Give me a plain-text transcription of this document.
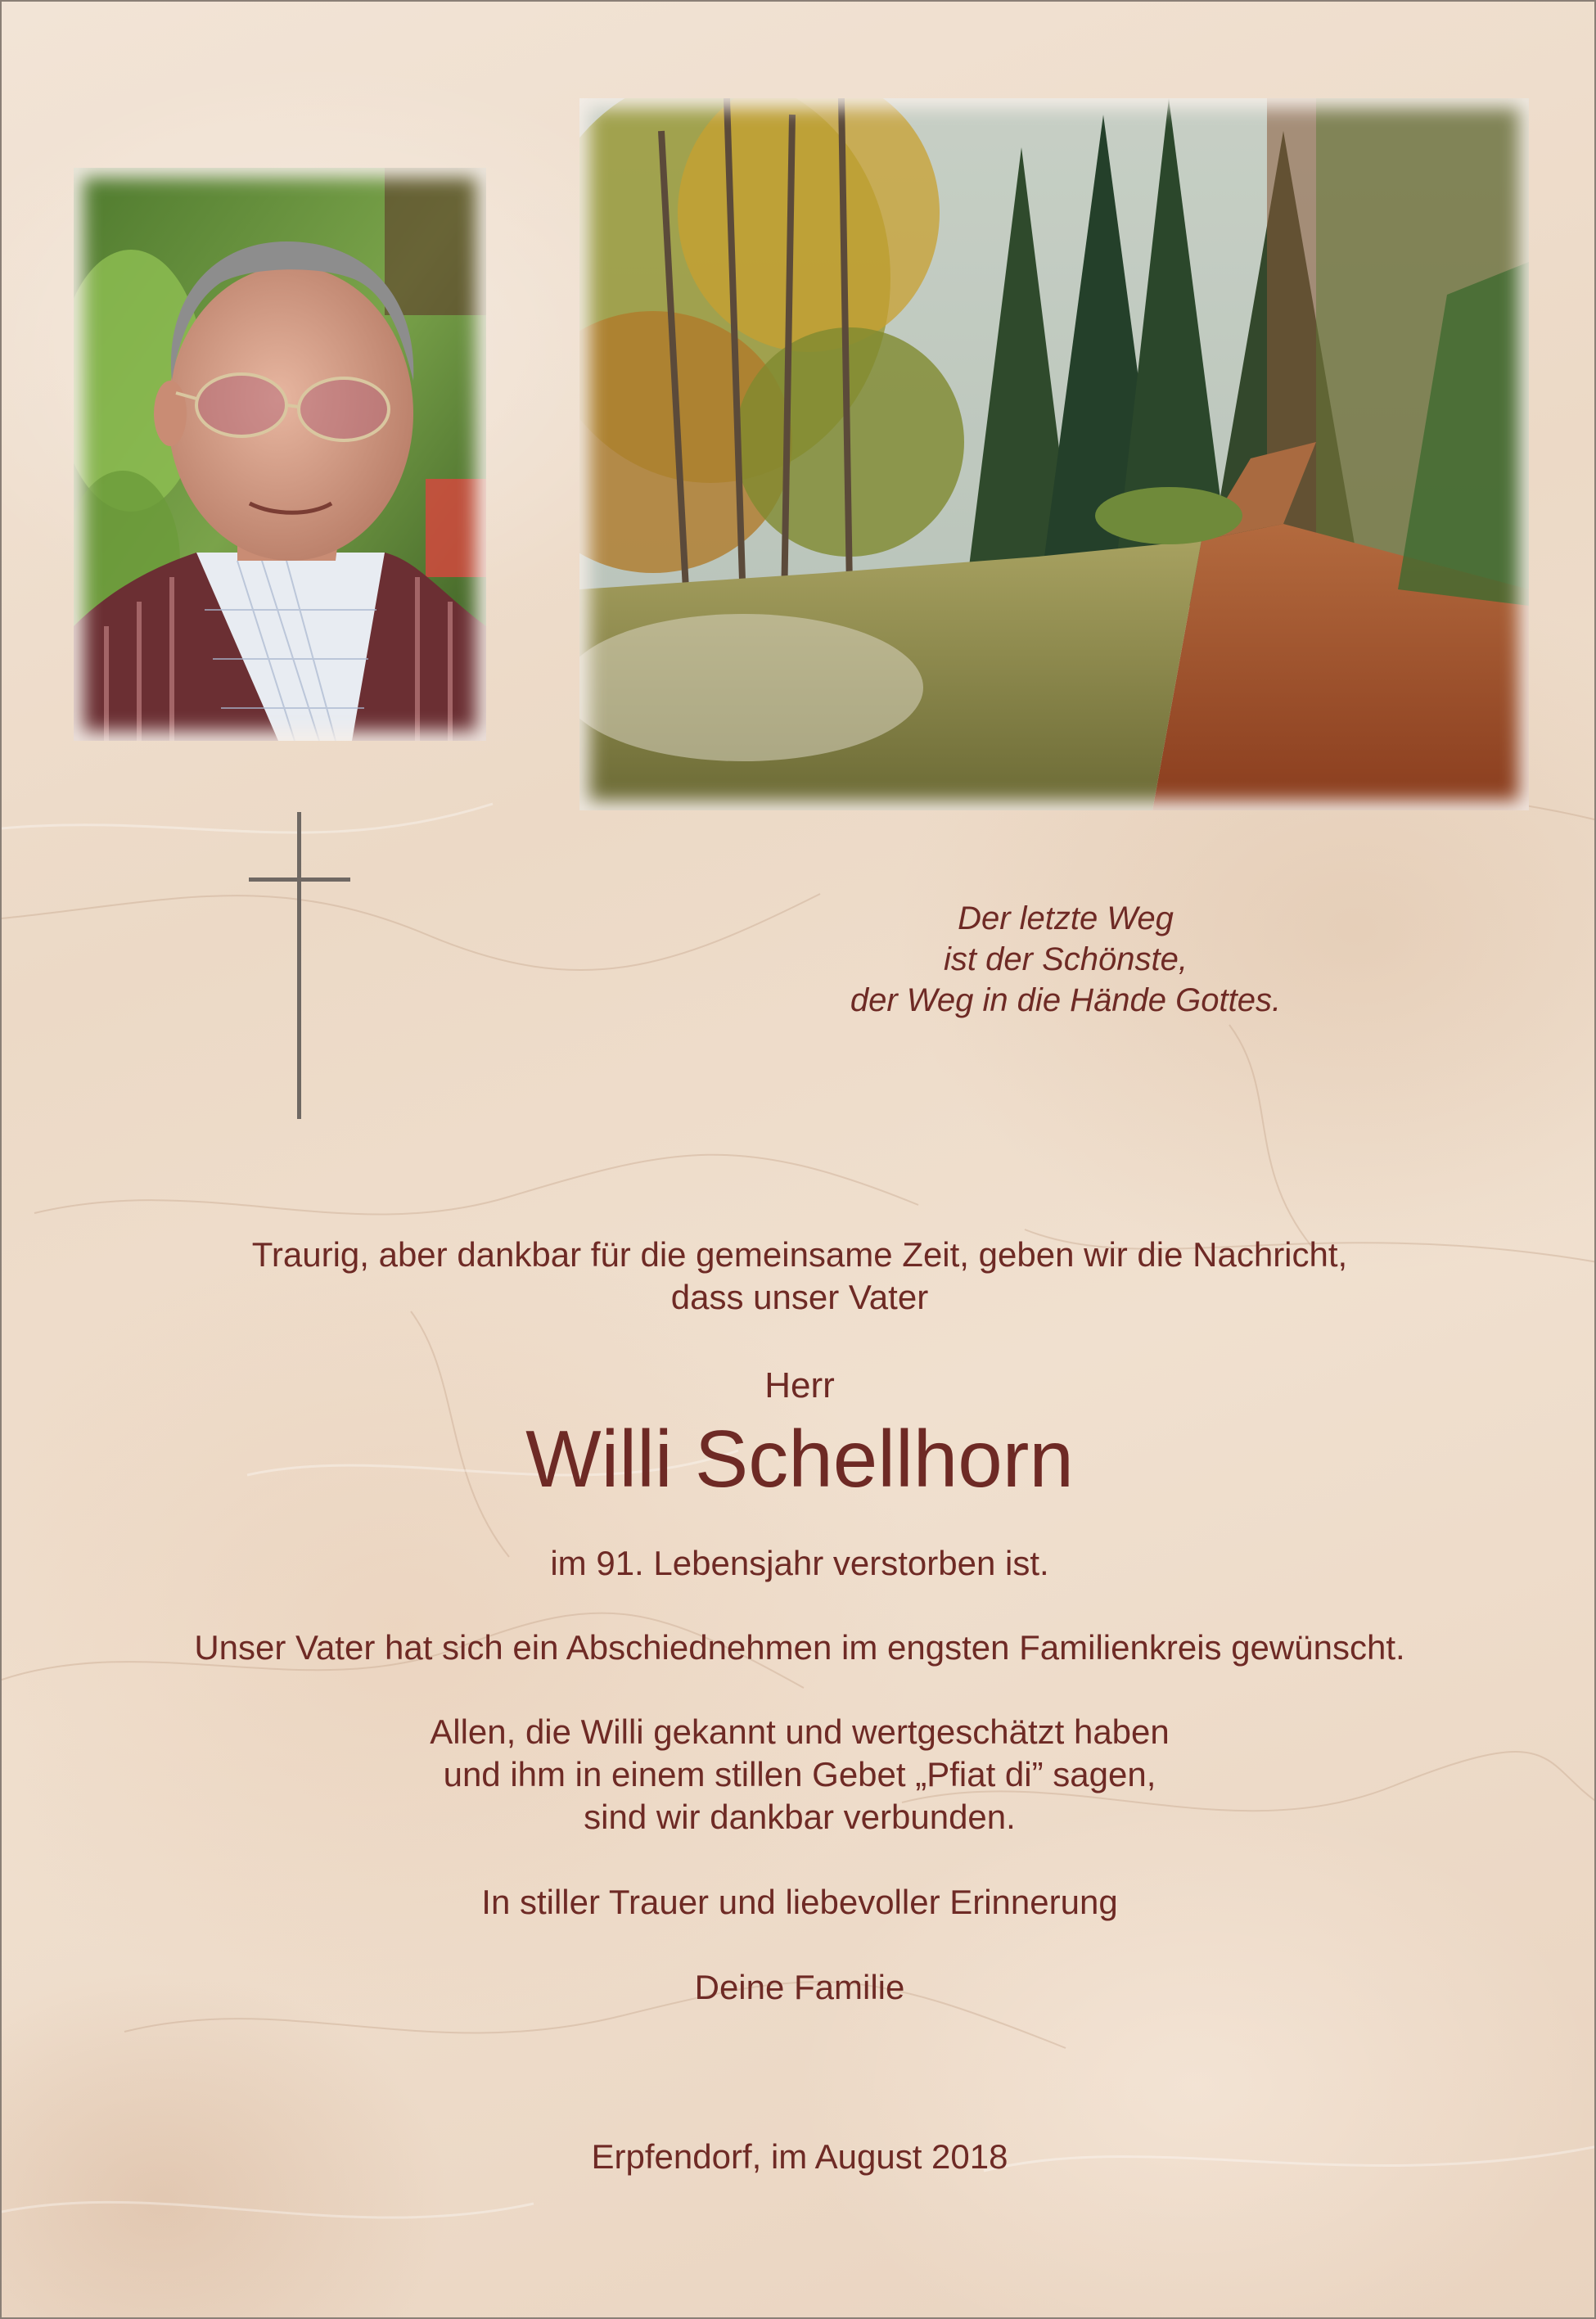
Der letzte Weg
ist der Schönste,
der Weg in die Hände Gottes.
Traurig, aber dankbar für die gemeinsame Zeit, geben wir die Nachricht,
dass unser Vater
Herr
Willi Schellhorn
im 91. Lebensjahr verstorben ist.
Unser Vater hat sich ein Abschiednehmen im engsten Familienkreis gewünscht.
Allen, die Willi gekannt und wertgeschätzt haben
und ihm in einem stillen Gebet „Pfiat di” sagen,
sind wir dankbar verbunden.
In stiller Trauer und liebevoller Erinnerung
Deine Familie
Erpfendorf, im August 2018
